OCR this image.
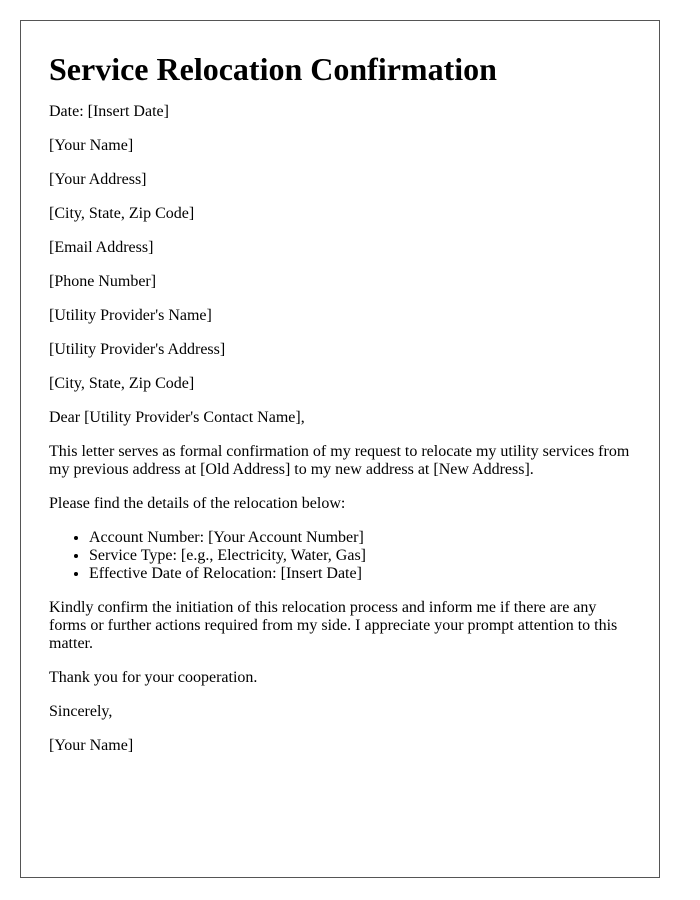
Service Relocation Confirmation

Date: [Insert Date]

[Your Name]

[Your Address]

[City, State, Zip Code]

[Email Address]

[Phone Number]

[Utility Provider's Name]

[Utility Provider's Address]

[City, State, Zip Code]

Dear [Utility Provider's Contact Name],

This letter serves as formal confirmation of my request to relocate my utility services from my previous address at [Old Address] to my new address at [New Address].

Please find the details of the relocation below:

• Account Number: [Your Account Number]
• Service Type: [e.g., Electricity, Water, Gas]
• Effective Date of Relocation: [Insert Date]

Kindly confirm the initiation of this relocation process and inform me if there are any forms or further actions required from my side. I appreciate your prompt attention to this matter.

Thank you for your cooperation.

Sincerely,

[Your Name]
